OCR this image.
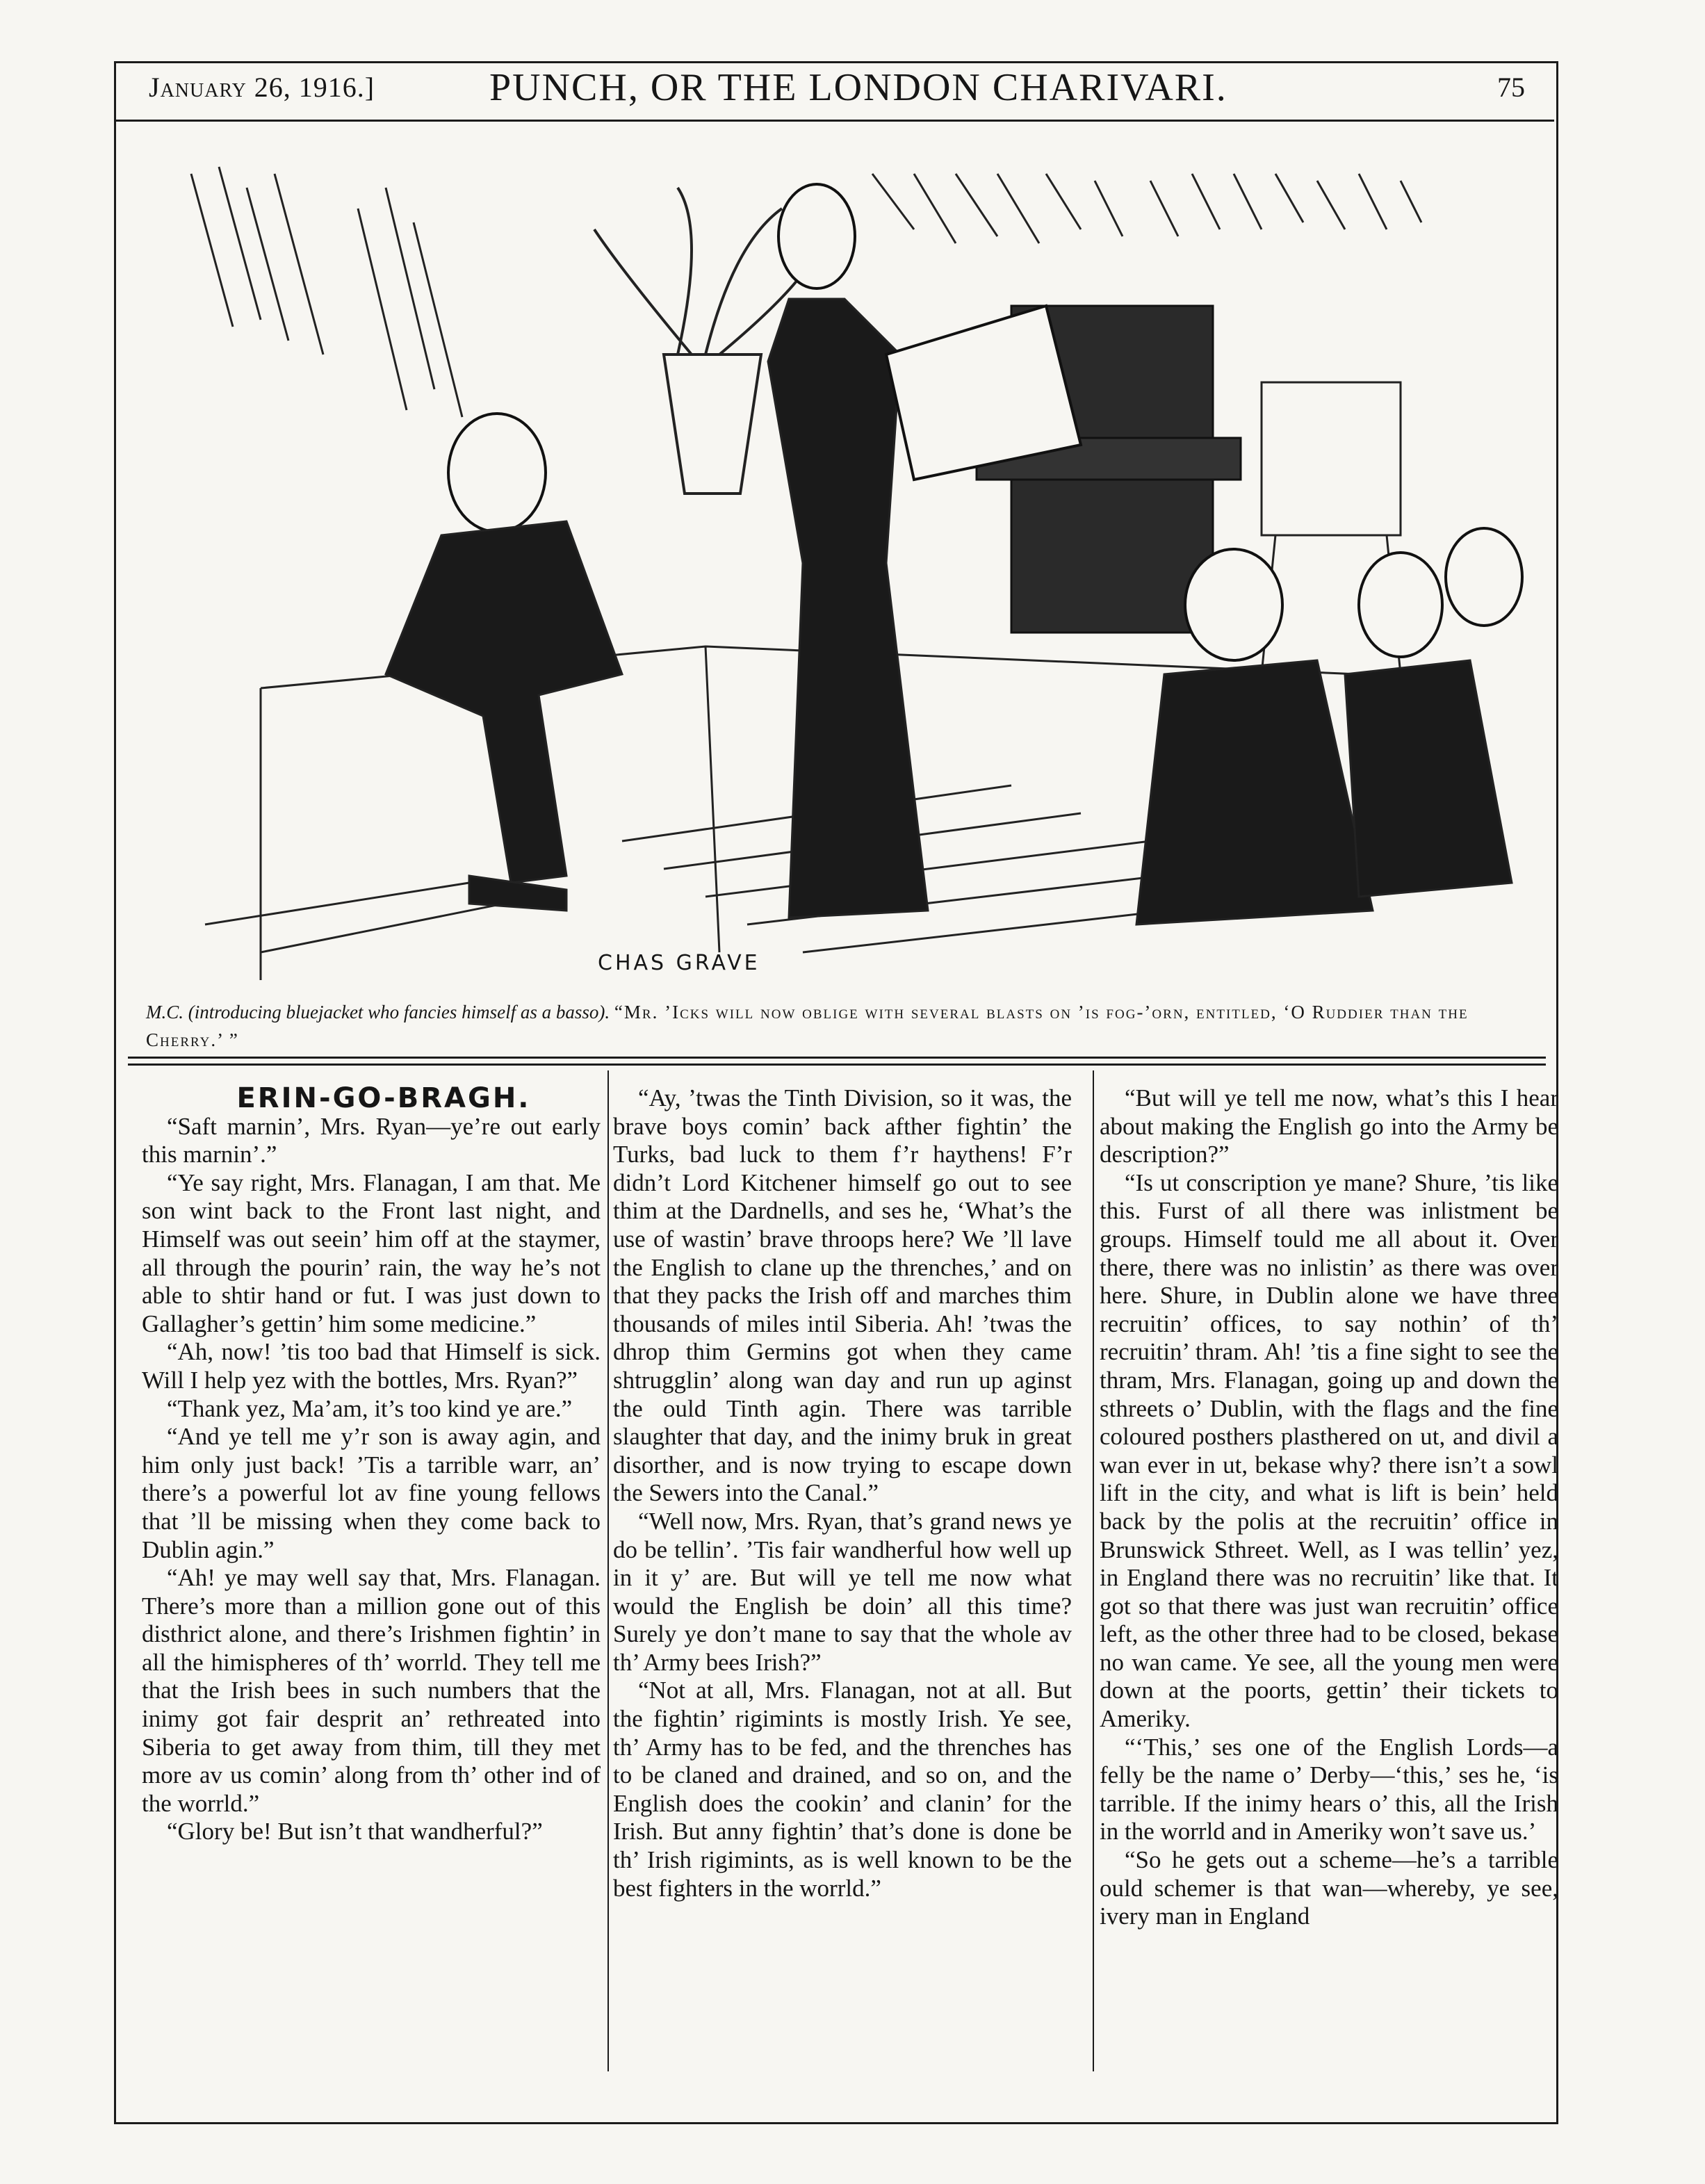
January 26, 1916.]	PUNCH, OR THE LONDON CHARIVARI.	75
CHAS GRAVE
M.C. (introducing bluejacket who fancies himself as a basso). “Mr. ’Icks will now oblige with several blasts on ’is fog-’orn, entitled, ‘O Ruddier than the Cherry.’ ”

ERIN-GO-BRAGH.

“Saft marnin’, Mrs. Ryan—ye’re out early this marnin’.”

“Ye say right, Mrs. Flanagan, I am that. Me son wint back to the Front last night, and Himself was out seein’ him off at the staymer, all through the pourin’ rain, the way he’s not able to shtir hand or fut. I was just down to Gallagher’s gettin’ him some medicine.”

“Ah, now! ’tis too bad that Himself is sick. Will I help yez with the bottles, Mrs. Ryan?”

“Thank yez, Ma’am, it’s too kind ye are.”

“And ye tell me y’r son is away agin, and him only just back! ’Tis a tarrible warr, an’ there’s a powerful lot av fine young fellows that ’ll be missing when they come back to Dublin agin.”

“Ah! ye may well say that, Mrs. Flanagan. There’s more than a million gone out of this disthrict alone, and there’s Irishmen fightin’ in all the himispheres of th’ worrld. They tell me that the Irish bees in such numbers that the inimy got fair desprit an’ rethreated into Siberia to get away from thim, till they met more av us comin’ along from th’ other ind of the worrld.”

“Glory be! But isn’t that wandherful?”

“Ay, ’twas the Tinth Division, so it was, the brave boys comin’ back afther fightin’ the Turks, bad luck to them f’r haythens! F’r didn’t Lord Kitchener himself go out to see thim at the Dardnells, and ses he, ‘What’s the use of wastin’ brave throops here? We ’ll lave the English to clane up the threnches,’ and on that they packs the Irish off and marches thim thousands of miles intil Siberia. Ah! ’twas the dhrop thim Germins got when they came shtrugglin’ along wan day and run up aginst the ould Tinth agin. There was tarrible slaughter that day, and the inimy bruk in great disorther, and is now trying to escape down the Sewers into the Canal.”

“Well now, Mrs. Ryan, that’s grand news ye do be tellin’. ’Tis fair wandherful how well up in it y’ are. But will ye tell me now what would the English be doin’ all this time? Surely ye don’t mane to say that the whole av th’ Army bees Irish?”

“Not at all, Mrs. Flanagan, not at all. But the fightin’ rigimints is mostly Irish. Ye see, th’ Army has to be fed, and the threnches has to be claned and drained, and so on, and the English does the cookin’ and clanin’ for the Irish. But anny fightin’ that’s done is done be th’ Irish rigimints, as is well known to be the best fighters in the worrld.”

“But will ye tell me now, what’s this I hear about making the English go into the Army be description?”

“Is ut conscription ye mane? Shure, ’tis like this. Furst of all there was inlistment be groups. Himself tould me all about it. Over there, there was no inlistin’ as there was over here. Shure, in Dublin alone we have three recruitin’ offices, to say nothin’ of th’ recruitin’ thram. Ah! ’tis a fine sight to see the thram, Mrs. Flanagan, going up and down the sthreets o’ Dublin, with the flags and the fine coloured posthers plasthered on ut, and divil a wan ever in ut, bekase why? there isn’t a sowl lift in the city, and what is lift is bein’ held back by the polis at the recruitin’ office in Brunswick Sthreet. Well, as I was tellin’ yez, in England there was no recruitin’ like that. It got so that there was just wan recruitin’ office left, as the other three had to be closed, bekase no wan came. Ye see, all the young men were down at the poorts, gettin’ their tickets to Ameriky.

“‘This,’ ses one of the English Lords—a felly be the name o’ Derby—‘this,’ ses he, ‘is tarrible. If the inimy hears o’ this, all the Irish in the worrld and in Ameriky won’t save us.’

“So he gets out a scheme—he’s a tarrible ould schemer is that wan—whereby, ye see, ivery man in England
